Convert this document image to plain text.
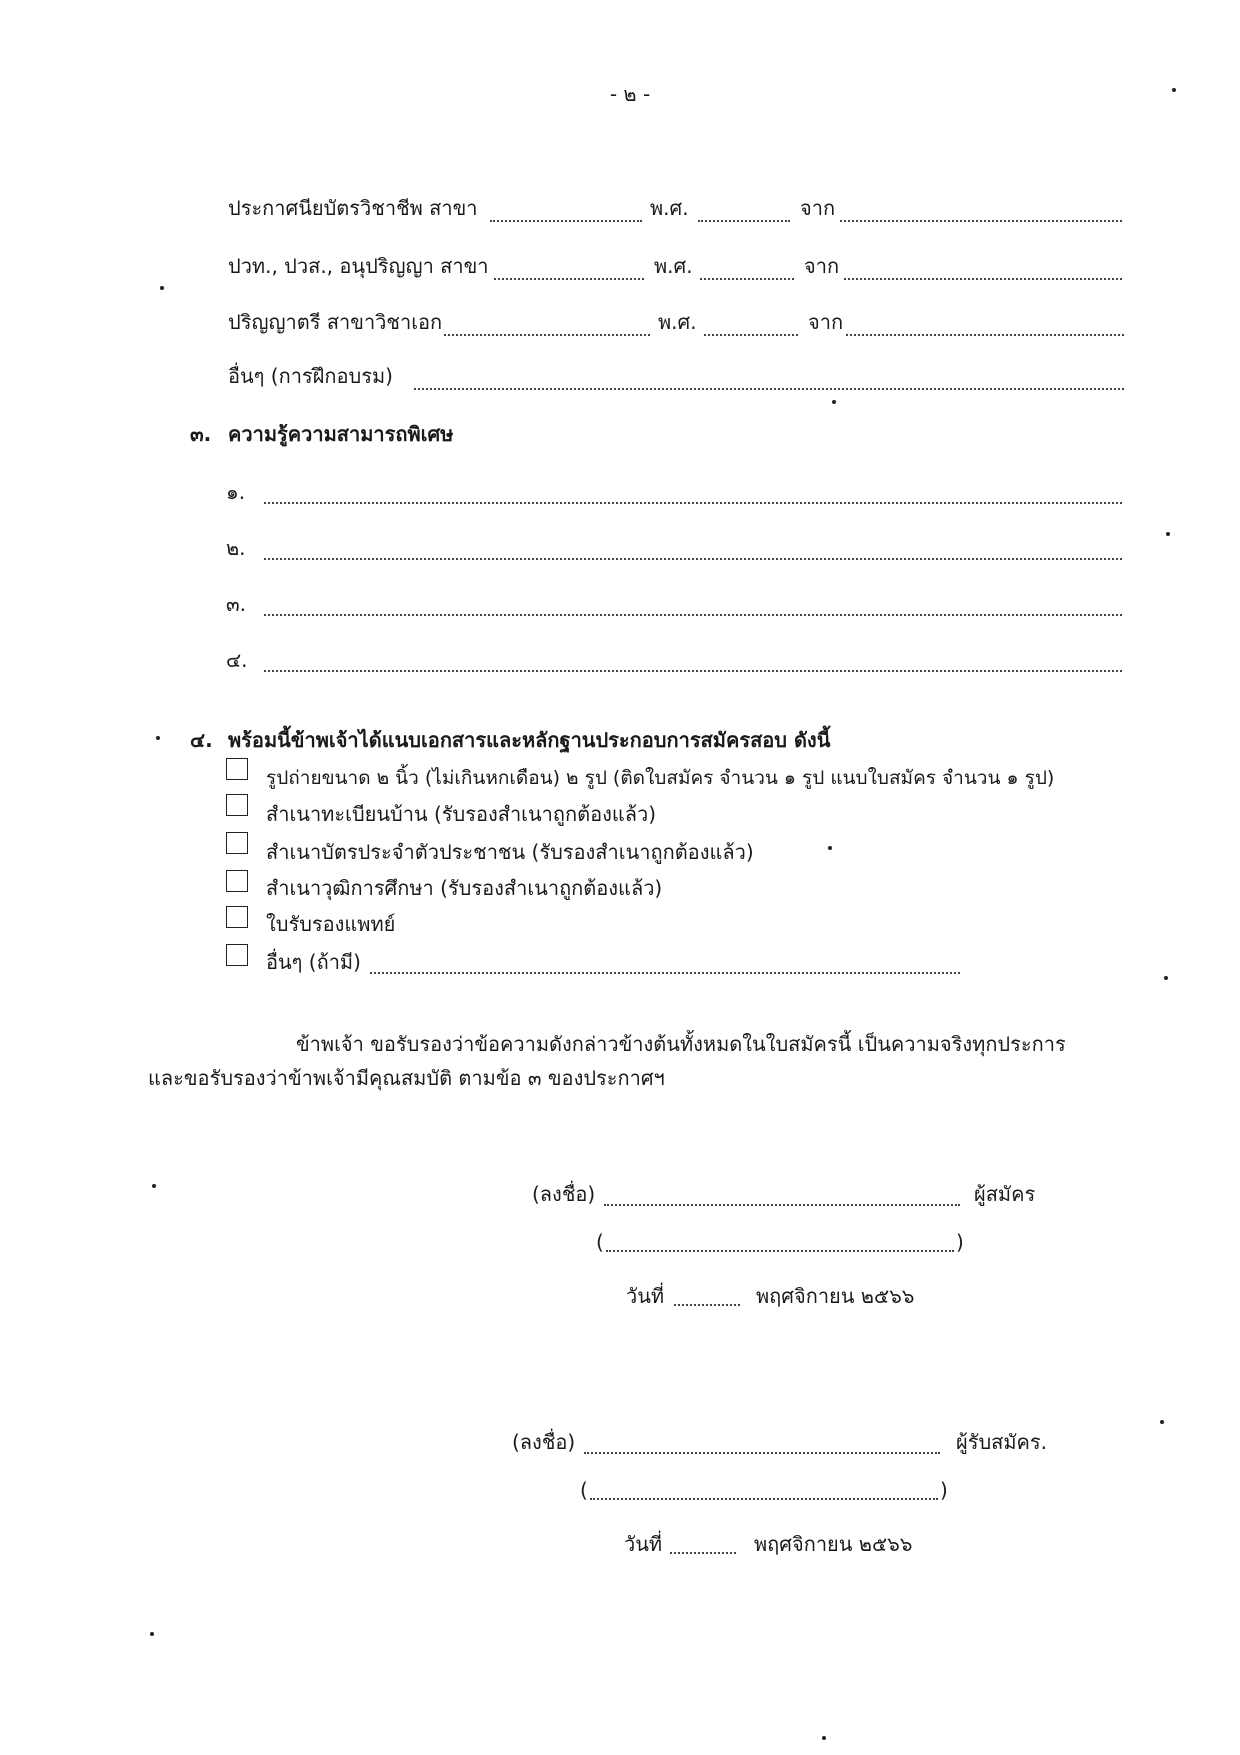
- ๒ -
ประกาศนียบัตรวิชาชีพ สาขา	พ.ศ.	จาก
ปวท., ปวส., อนุปริญญา สาขา	พ.ศ.	จาก
ปริญญาตรี สาขาวิชาเอก	พ.ศ.	จาก
อื่นๆ (การฝึกอบรม)
๓. ความรู้ความสามารถพิเศษ
๑.
๒.
๓.
๔.
๔. พร้อมนี้ข้าพเจ้าได้แนบเอกสารและหลักฐานประกอบการสมัครสอบ ดังนี้
รูปถ่ายขนาด ๒ นิ้ว (ไม่เกินหกเดือน) ๒ รูป (ติดใบสมัคร จำนวน ๑ รูป แนบใบสมัคร จำนวน ๑ รูป)
สำเนาทะเบียนบ้าน (รับรองสำเนาถูกต้องแล้ว)
สำเนาบัตรประจำตัวประชาชน (รับรองสำเนาถูกต้องแล้ว)
สำเนาวุฒิการศึกษา (รับรองสำเนาถูกต้องแล้ว)
ใบรับรองแพทย์
อื่นๆ (ถ้ามี)
ข้าพเจ้า ขอรับรองว่าข้อความดังกล่าวข้างต้นทั้งหมดในใบสมัครนี้ เป็นความจริงทุกประการ
และขอรับรองว่าข้าพเจ้ามีคุณสมบัติ ตามข้อ ๓ ของประกาศฯ
(ลงชื่อ)	ผู้สมัคร
(	)
วันที่	พฤศจิกายน ๒๕๖๖
(ลงชื่อ)	ผู้รับสมัคร.
(	)
วันที่	พฤศจิกายน ๒๕๖๖
